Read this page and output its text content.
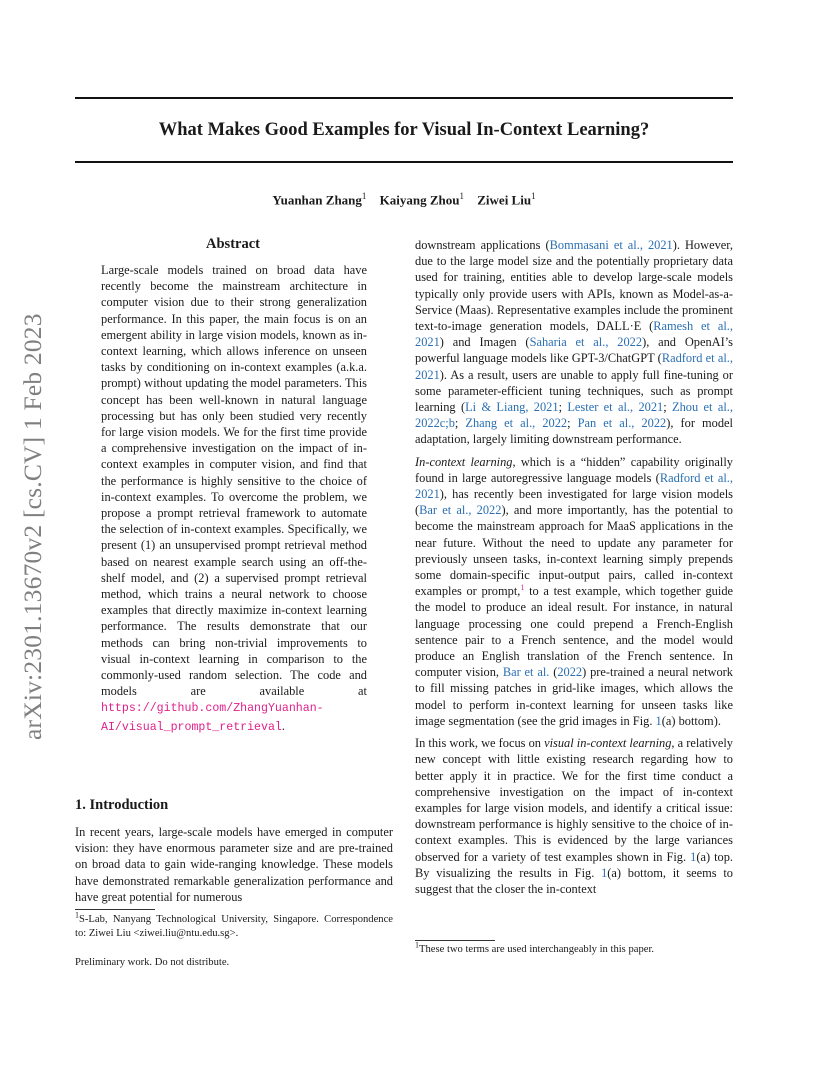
What Makes Good Examples for Visual In-Context Learning?
Yuanhan Zhang$^1$ Kaiyang Zhou$^1$ Ziwei Liu$^1$
arXiv:2301.13670v2 [cs.CV] 1 Feb 2023
Abstract
Large-scale models trained on broad data have recently become the mainstream architecture in computer vision due to their strong generalization performance. In this paper, the main focus is on an emergent ability in large vision models, known as in-context learning, which allows inference on unseen tasks by conditioning on in-context examples (a.k.a. prompt) without updating the model parameters. This concept has been well-known in natural language processing but has only been studied very recently for large vision models. We for the first time provide a comprehensive investigation on the impact of in-context examples in computer vision, and find that the performance is highly sensitive to the choice of in-context examples. To overcome the problem, we propose a prompt retrieval framework to automate the selection of in-context examples. Specifically, we present (1) an unsupervised prompt retrieval method based on nearest example search using an off-the-shelf model, and (2) a supervised prompt retrieval method, which trains a neural network to choose examples that directly maximize in-context learning performance. The results demonstrate that our methods can bring non-trivial improvements to visual in-context learning in comparison to the commonly-used random selection. The code and models are available at https://github.com/ZhangYuanhan-AI/visual_prompt_retrieval.
1. Introduction
In recent years, large-scale models have emerged in computer vision: they have enormous parameter size and are pre-trained on broad data to gain wide-ranging knowledge. These models have demonstrated remarkable generalization performance and have great potential for numerous
$^1$S-Lab, Nanyang Technological University, Singapore. Correspondence to: Ziwei Liu <ziwei.liu@ntu.edu.sg>.
Preliminary work. Do not distribute.

downstream applications (Bommasani et al., 2021). However, due to the large model size and the potentially proprietary data used for training, entities able to develop large-scale models typically only provide users with APIs, known as Model-as-a-Service (Maas). Representative examples include the prominent text-to-image generation models, DALL·E (Ramesh et al., 2021) and Imagen (Saharia et al., 2022), and OpenAI’s powerful language models like GPT-3/ChatGPT (Radford et al., 2021). As a result, users are unable to apply full fine-tuning or some parameter-efficient tuning techniques, such as prompt learning (Li & Liang, 2021; Lester et al., 2021; Zhou et al., 2022c;b; Zhang et al., 2022; Pan et al., 2022), for model adaptation, largely limiting downstream performance.

In-context learning, which is a “hidden” capability originally found in large autoregressive language models (Radford et al., 2021), has recently been investigated for large vision models (Bar et al., 2022), and more importantly, has the potential to become the mainstream approach for MaaS applications in the near future. Without the need to update any parameter for previously unseen tasks, in-context learning simply prepends some domain-specific input-output pairs, called in-context examples or prompt,$^1$ to a test example, which together guide the model to produce an ideal result. For instance, in natural language processing one could prepend a French-English sentence pair to a French sentence, and the model would produce an English translation of the French sentence. In computer vision, Bar et al. (2022) pre-trained a neural network to fill missing patches in grid-like images, which allows the model to perform in-context learning for unseen tasks like image segmentation (see the grid images in Fig. 1(a) bottom).

In this work, we focus on visual in-context learning, a relatively new concept with little existing research regarding how to better apply it in practice. We for the first time conduct a comprehensive investigation on the impact of in-context examples for large vision models, and identify a critical issue: downstream performance is highly sensitive to the choice of in-context examples. This is evidenced by the large variances observed for a variety of test examples shown in Fig. 1(a) top. By visualizing the results in Fig. 1(a) bottom, it seems to suggest that the closer the in-context

$^1$These two terms are used interchangeably in this paper.
